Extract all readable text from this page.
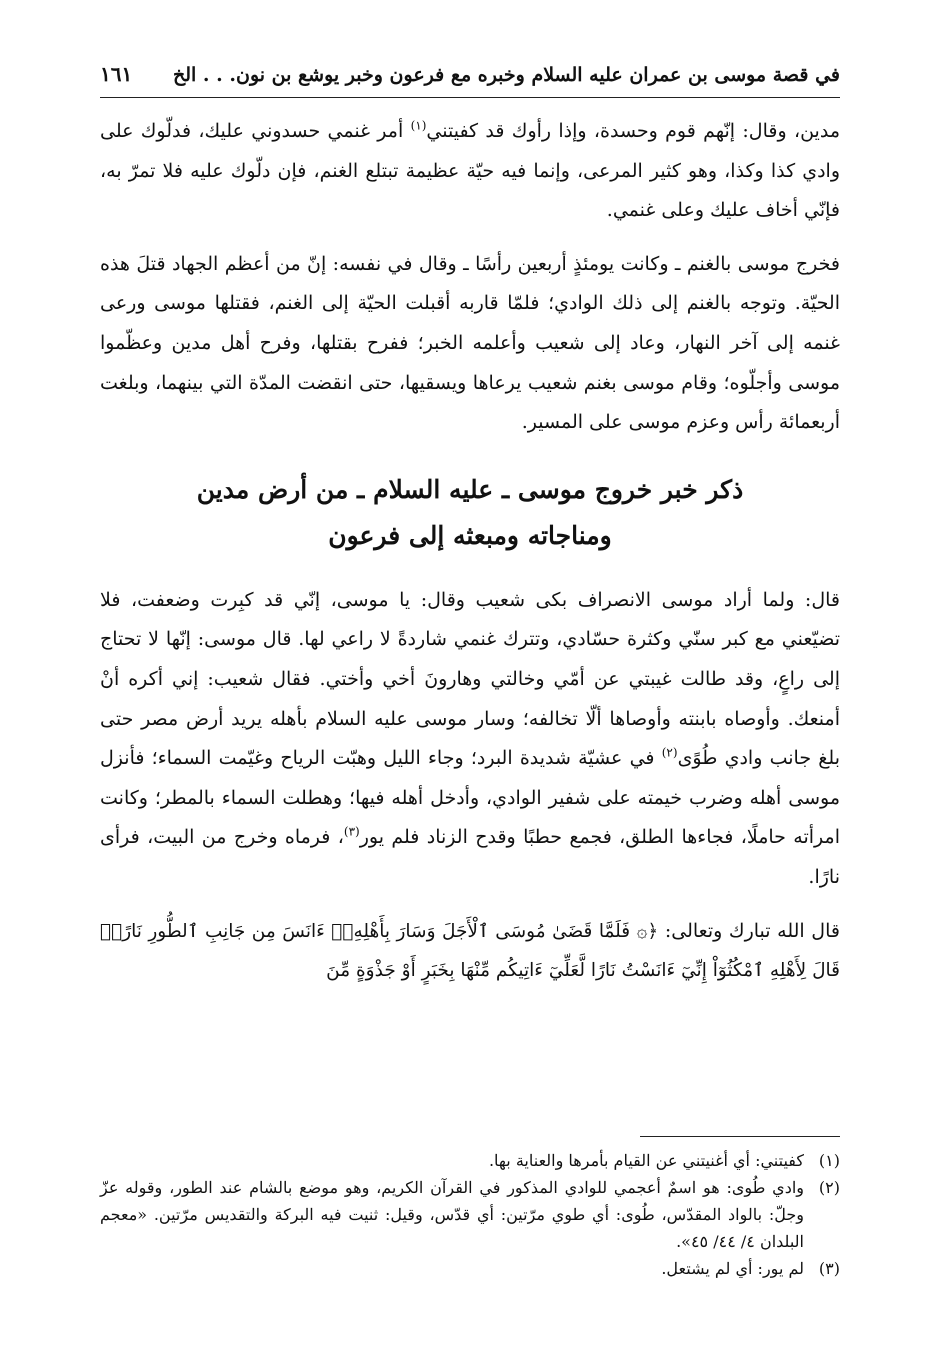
في قصة موسى بن عمران عليه السلام وخبره مع فرعون وخبر يوشع بن نون. . . الخ
١٦١

مدين، وقال: إنّهم قوم وحسدة، وإذا رأوك قد كفيتني$^{(١)}$ أمر غنمي حسدوني عليك، فدلّوك على وادي كذا وكذا، وهو كثير المرعى، وإنما فيه حيّة عظيمة تبتلع الغنم، فإن دلّوك عليه فلا تمرّ به، فإنّي أخاف عليك وعلى غنمي.

فخرج موسى بالغنم ـ وكانت يومئذٍ أربعين رأسًا ـ وقال في نفسه: إنّ من أعظم الجهاد قتلَ هذه الحيّة. وتوجه بالغنم إلى ذلك الوادي؛ فلمّا قاربه أقبلت الحيّة إلى الغنم، فقتلها موسى ورعى غنمه إلى آخر النهار، وعاد إلى شعيب وأعلمه الخبر؛ ففرح بقتلها، وفرح أهل مدين وعظّموا موسى وأجلّوه؛ وقام موسى بغنم شعيب يرعاها ويسقيها، حتى انقضت المدّة التي بينهما، وبلغت أربعمائة رأس وعزم موسى على المسير.

ذكر خبر خروج موسى ـ عليه السلام ـ من أرض مدين
ومناجاته ومبعثه إلى فرعون

قال: ولما أراد موسى الانصراف بكى شعيب وقال: يا موسى، إنّي قد كبِرت وضعفت، فلا تضيّعني مع كبر سنّي وكثرة حسّادي، وتترك غنمي شاردةً لا راعي لها. قال موسى: إنّها لا تحتاج إلى راعٍ، وقد طالت غيبتي عن أمّي وخالتي وهارونَ أخي وأختي. فقال شعيب: إني أكره أنْ أمنعك. وأوصاه بابنته وأوصاها ألّا تخالفه؛ وسار موسى عليه السلام بأهله يريد أرض مصر حتى بلغ جانب وادي طُوًى$^{(٢)}$ في عشيّة شديدة البرد؛ وجاء الليل وهبّت الرياح وغيّمت السماء؛ فأنزل موسى أهله وضرب خيمته على شفير الوادي، وأدخل أهله فيها؛ وهطلت السماء بالمطر؛ وكانت امرأته حاملًا، فجاءها الطلق، فجمع حطبًا وقدح الزناد فلم يور$^{(٣)}$، فرماه وخرج من البيت، فرأى نارًا.

قال الله تبارك وتعالى: ﴿۞ فَلَمَّا قَضَىٰ مُوسَى ٱلْأَجَلَ وَسَارَ بِأَهْلِهِۦٓ ءَانَسَ مِن جَانِبِ ٱلطُّورِ نَارًاۖ قَالَ لِأَهْلِهِ ٱمْكُثُوٓاْ إِنِّيٓ ءَانَسْتُ نَارًا لَّعَلِّيٓ ءَاتِيكُم مِّنْهَا بِخَبَرٍ أَوْ جَذْوَةٍ مِّنَ

(١)
كفيتني: أي أغنيتني عن القيام بأمرها والعناية بها.
(٢)
وادي طُوى: هو اسمٌ أعجمي للوادي المذكور في القرآن الكريم، وهو موضع بالشام عند الطور، وقوله عزّ وجلّ: بالواد المقدّس، طُوى: أي طوي مرّتين: أي قدّس، وقيل: ثنيت فيه البركة والتقديس مرّتين. «معجم البلدان ٤/ ٤٤/ ٤٥».
(٣)
لم يور: أي لم يشتعل.
